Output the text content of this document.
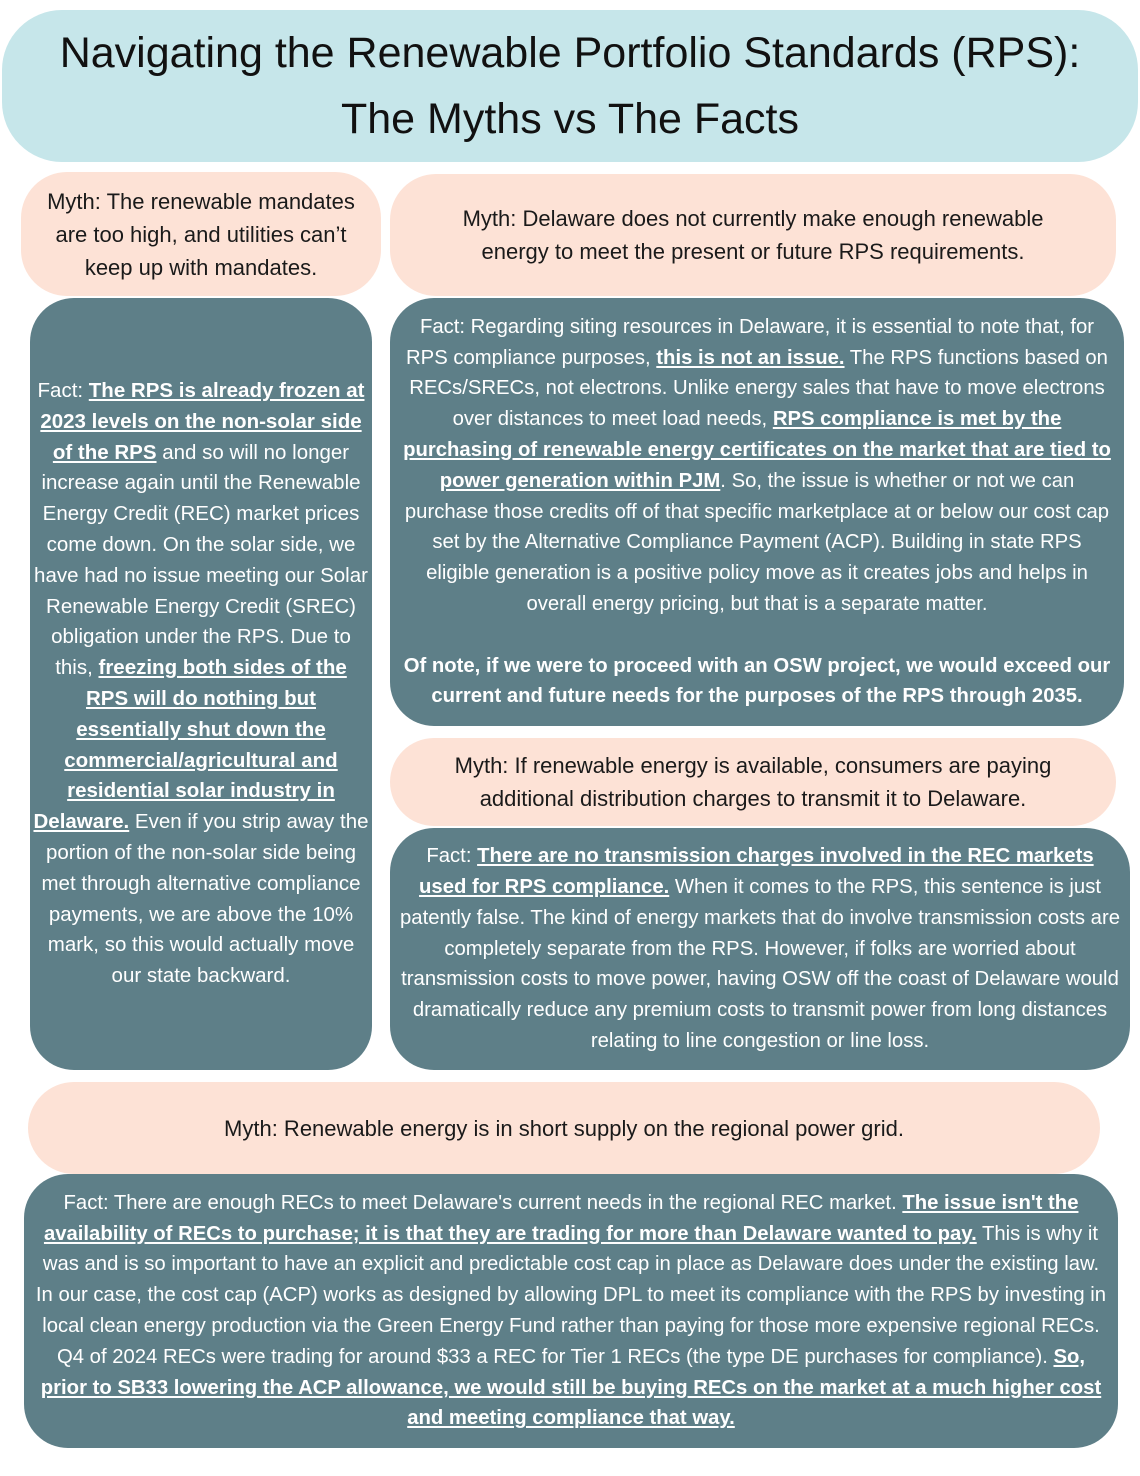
Navigating the Renewable Portfolio Standards (RPS):
The Myths vs The Facts
Myth: The renewable mandates are too high, and utilities can’t keep up with mandates.

Fact: The RPS is already frozen at 2023 levels on the non-solar side of the RPS and so will no longer increase again until the Renewable Energy Credit (REC) market prices come down. On the solar side, we have had no issue meeting our Solar Renewable Energy Credit (SREC) obligation under the RPS. Due to this, freezing both sides of the RPS will do nothing but essentially shut down the commercial/agricultural and residential solar industry in Delaware. Even if you strip away the portion of the non-solar side being met through alternative compliance payments, we are above the 10% mark, so this would actually move our state backward.

Myth: Delaware does not currently make enough renewable energy to meet the present or future RPS requirements.

Fact: Regarding siting resources in Delaware, it is essential to note that, for RPS compliance purposes, this is not an issue. The RPS functions based on RECs/SRECs, not electrons. Unlike energy sales that have to move electrons over distances to meet load needs, RPS compliance is met by the purchasing of renewable energy certificates on the market that are tied to power generation within PJM. So, the issue is whether or not we can purchase those credits off of that specific marketplace at or below our cost cap set by the Alternative Compliance Payment (ACP). Building in state RPS eligible generation is a positive policy move as it creates jobs and helps in overall energy pricing, but that is a separate matter.

Of note, if we were to proceed with an OSW project, we would exceed our current and future needs for the purposes of the RPS through 2035.

Myth: If renewable energy is available, consumers are paying additional distribution charges to transmit it to Delaware.

Fact: There are no transmission charges involved in the REC markets used for RPS compliance. When it comes to the RPS, this sentence is just patently false. The kind of energy markets that do involve transmission costs are completely separate from the RPS. However, if folks are worried about transmission costs to move power, having OSW off the coast of Delaware would dramatically reduce any premium costs to transmit power from long distances relating to line congestion or line loss.

Myth: Renewable energy is in short supply on the regional power grid.

Fact: There are enough RECs to meet Delaware's current needs in the regional REC market. The issue isn't the availability of RECs to purchase; it is that they are trading for more than Delaware wanted to pay. This is why it was and is so important to have an explicit and predictable cost cap in place as Delaware does under the existing law. In our case, the cost cap (ACP) works as designed by allowing DPL to meet its compliance with the RPS by investing in local clean energy production via the Green Energy Fund rather than paying for those more expensive regional RECs. Q4 of 2024 RECs were trading for around $33 a REC for Tier 1 RECs (the type DE purchases for compliance). So, prior to SB33 lowering the ACP allowance, we would still be buying RECs on the market at a much higher cost and meeting compliance that way.
